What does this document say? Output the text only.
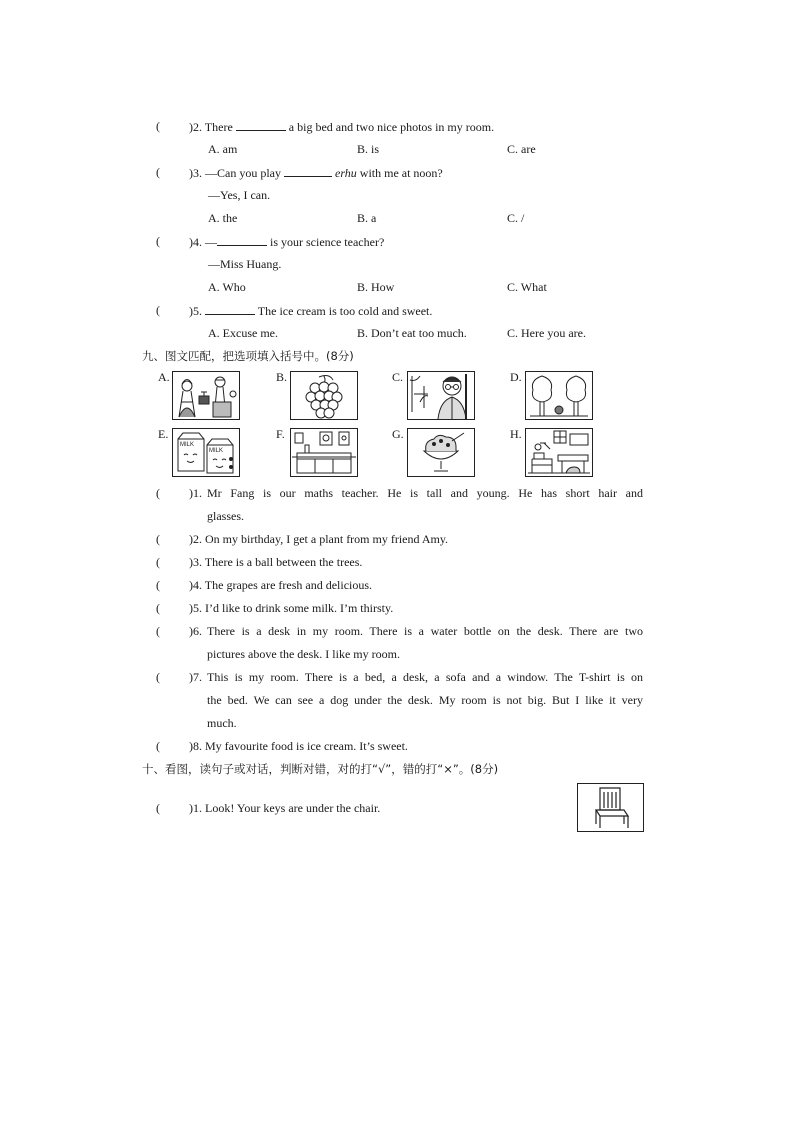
( )2. There	a big bed and two nice photos in my room.
A. am	B. is	C. are
( )3. —Can you play	erhu with me at noon?
—Yes, I can.
A. the	B. a	C. /
( )4. —	is your science teacher?
—Miss Huang.
A. Who	B. How	C. What
( )5.	The ice cream is too cold and sweet.
A. Excuse me.	B. Don’t eat too much.	C. Here you are.
九、图文匹配，把选项填入括号中。(8分)
A.	B.	C.	D.
E.	F.	G.	H.
MILK
MILK
( )1. Mr Fang is our maths teacher. He is tall and young. He has short hair and
glasses.
( )2. On my birthday, I get a plant from my friend Amy.
( )3. There is a ball between the trees.
( )4. The grapes are fresh and delicious.
( )5. I’d like to drink some milk. I’m thirsty.
( )6. There is a desk in my room. There is a water bottle on the desk. There are two
pictures above the desk. I like my room.
( )7. This is my room. There is a bed, a desk, a sofa and a window. The T-shirt is on
the bed. We can see a dog under the desk. My room is not big. But I like it very
much.
( )8. My favourite food is ice cream. It’s sweet.
十、看图，读句子或对话，判断对错，对的打“√”，错的打“×”。(8分)
( )1. Look! Your keys are under the chair.
